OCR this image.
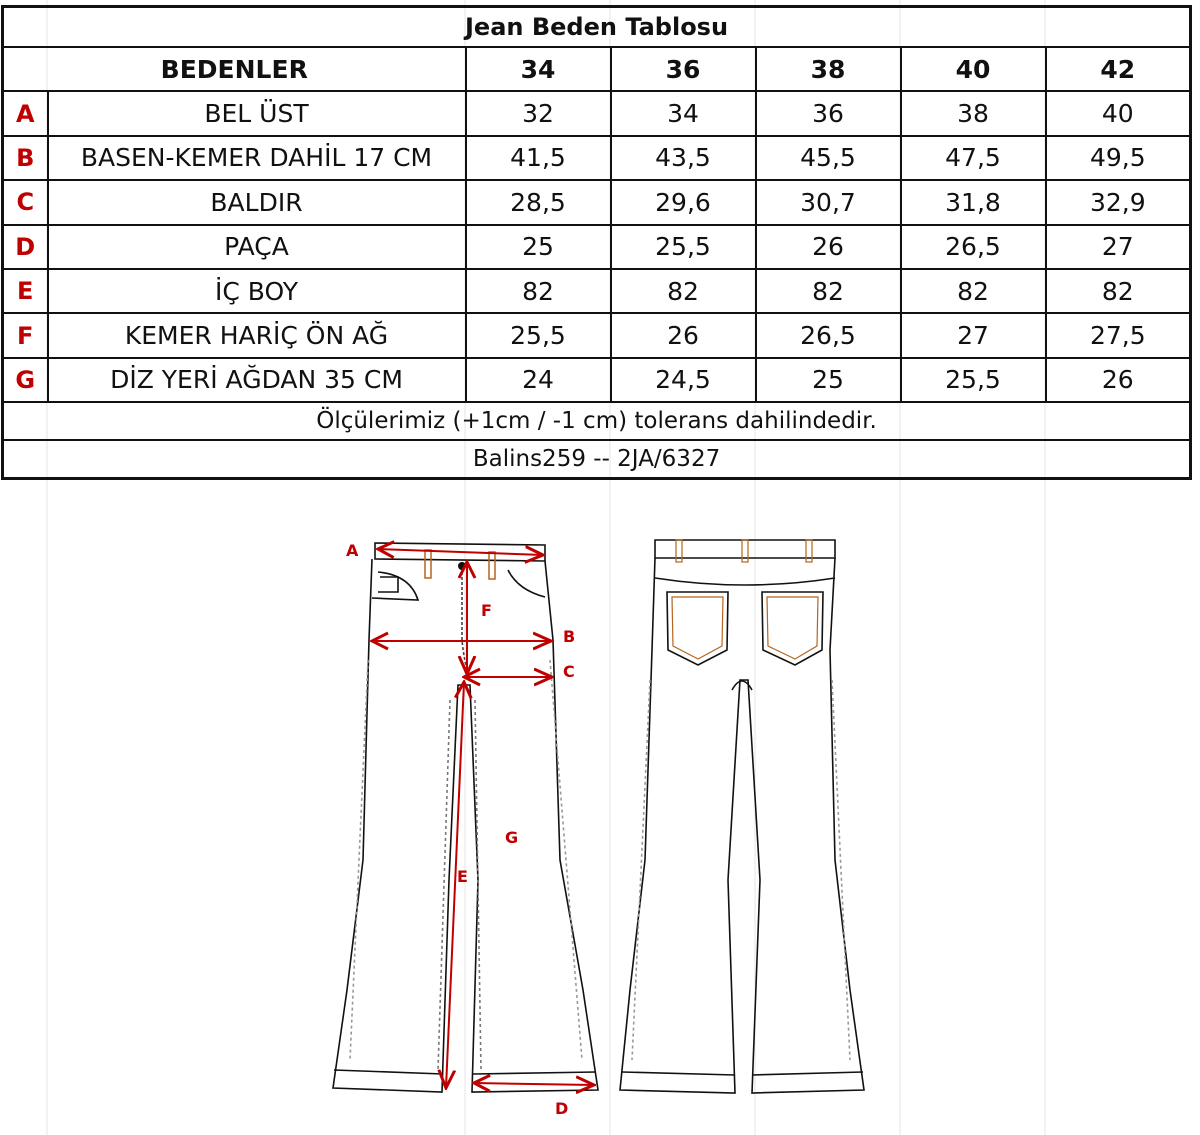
Jean Beden Tablosu						
BEDENLER		34	36	38	40	42
A	BEL ÜST	32	34	36	38	40
B	BASEN-KEMER DAHİL 17 CM	41,5	43,5	45,5	47,5	49,5
C	BALDIR	28,5	29,6	30,7	31,8	32,9
D	PAÇA	25	25,5	26	26,5	27
E	İÇ BOY	82	82	82	82	82
F	KEMER HARİÇ ÖN AĞ	25,5	26	26,5	27	27,5
G	DİZ YERİ AĞDAN 35 CM	24	24,5	25	25,5	26
Ölçülerimiz (+1cm / -1 cm) tolerans dahilindedir.						
Balins259 -- 2JA/6327						
A
F
B
C
G
E
D
